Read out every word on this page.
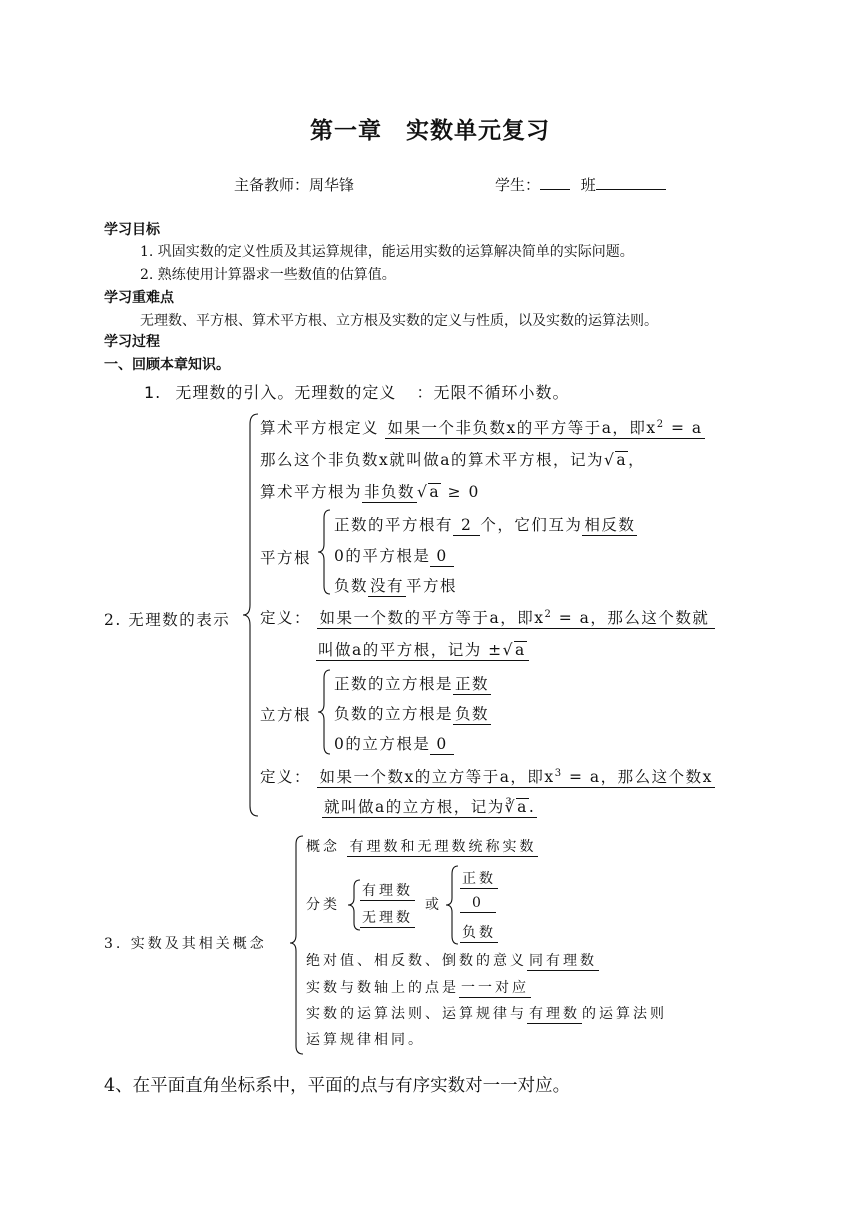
第一章　实数单元复习
主备教师：周华锋	学生：	班
学习目标
1. 巩固实数的定义性质及其运算规律，能运用实数的运算解决简单的实际问题。
2. 熟练使用计算器求一些数值的估算值。
学习重难点
无理数、平方根、算术平方根、立方根及实数的定义与性质，以及实数的运算法则。
学习过程
一、回顾本章知识。
1. 无理数的引入。无理数的定义 ：无限不循环小数。
2. 无理数的表示
算术平方根定义 如果一个非负数x的平方等于a，即$x^2 = a$
那么这个非负数x就叫做a的算术平方根，记为√a，
算术平方根为 非负数 √a ≥ 0
平方根
正数的平方根有 2 个，它们互为 相反数
0的平方根是 0
负数 没有 平方根
定义： 如果一个数的平方等于a，即$x^2 = a$，那么这个数就
叫做a的平方根，记为 ±√a
立方根
正数的立方根是 正数
负数的立方根是 负数
0的立方根是 0
定义： 如果一个数x的立方等于a，即$x^3 = a$，那么这个数x
就叫做a的立方根，记为∛a.
3. 实数及其相关概念
概念 有理数和无理数统称实数
分类
有理数
无理数
或
正数
0
负数
绝对值、相反数、倒数的意义 同有理数
实数与数轴上的点是 一一对应
实数的运算法则、运算规律与 有理数 的运算法则
运算规律相同。
4、在平面直角坐标系中，平面的点与有序实数对一一对应。
